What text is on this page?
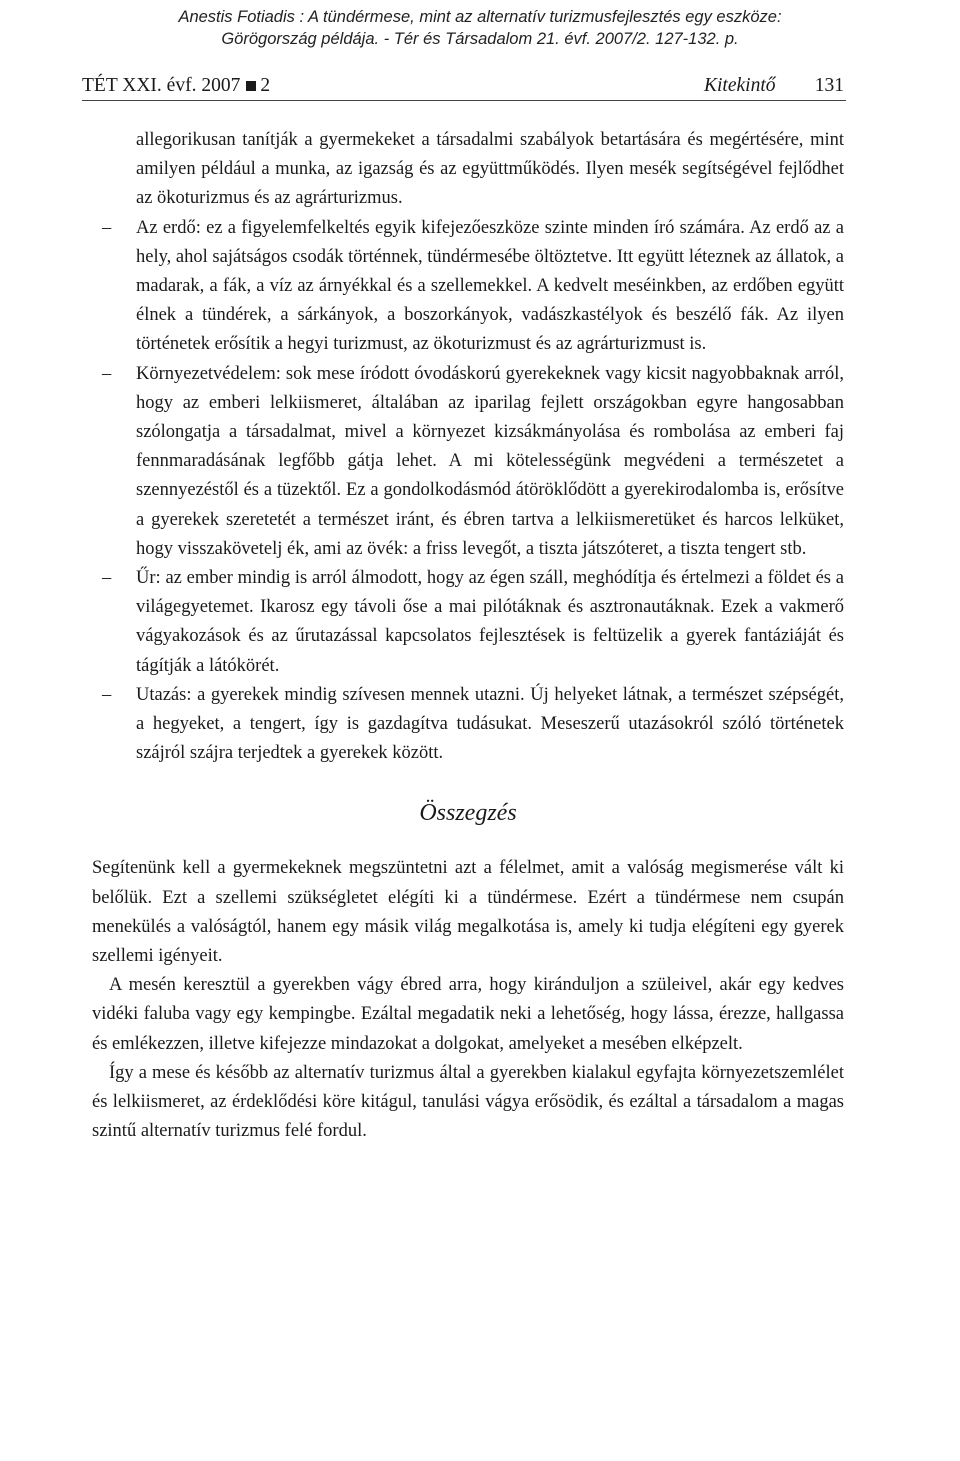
Anestis Fotiadis : A tündérmese, mint az alternatív turizmusfejlesztés egy eszköze:
Görögország példája. - Tér és Társadalom 21. évf. 2007/2. 127-132. p.
TÉT XXI. évf. 2007 2	Kitekintő 131

allegorikusan tanítják a gyermekeket a társadalmi szabályok betartására és megértésére, mint amilyen például a munka, az igazság és az együttműködés. Ilyen mesék segítségével fejlődhet az ökoturizmus és az agrárturizmus.

– Az erdő: ez a figyelemfelkeltés egyik kifejezőeszköze szinte minden író számára. Az erdő az a hely, ahol sajátságos csodák történnek, tündérmesébe öltöztetve. Itt együtt léteznek az állatok, a madarak, a fák, a víz az árnyékkal és a szellemekkel. A kedvelt meséinkben, az erdőben együtt élnek a tündérek, a sárkányok, a boszorkányok, vadászkastélyok és beszélő fák. Az ilyen történetek erősítik a hegyi turizmust, az ökoturizmust és az agrárturizmust is.

– Környezetvédelem: sok mese íródott óvodáskorú gyerekeknek vagy kicsit nagyobbaknak arról, hogy az emberi lelkiismeret, általában az iparilag fejlett országokban egyre hangosabban szólongatja a társadalmat, mivel a környezet kizsákmányolása és rombolása az emberi faj fennmaradásának legfőbb gátja lehet. A mi kötelességünk megvédeni a természetet a szennyezéstől és a tüzektől. Ez a gondolkodásmód átöröklődött a gyerekirodalomba is, erősítve a gyerekek szeretetét a természet iránt, és ébren tartva a lelkiismeretüket és harcos lelküket, hogy visszakövetelj ék, ami az övék: a friss levegőt, a tiszta játszóteret, a tiszta tengert stb.

– Űr: az ember mindig is arról álmodott, hogy az égen száll, meghódítja és értelmezi a földet és a világegyetemet. Ikarosz egy távoli őse a mai pilótáknak és asztronautáknak. Ezek a vakmerő vágyakozások és az űrutazással kapcsolatos fejlesztések is feltüzelik a gyerek fantáziáját és tágítják a látókörét.

– Utazás: a gyerekek mindig szívesen mennek utazni. Új helyeket látnak, a természet szépségét, a hegyeket, a tengert, így is gazdagítva tudásukat. Meseszerű utazásokról szóló történetek szájról szájra terjedtek a gyerekek között.

Összegzés

Segítenünk kell a gyermekeknek megszüntetni azt a félelmet, amit a valóság megismerése vált ki belőlük. Ezt a szellemi szükségletet elégíti ki a tündérmese. Ezért a tündérmese nem csupán menekülés a valóságtól, hanem egy másik világ megalkotása is, amely ki tudja elégíteni egy gyerek szellemi igényeit.

A mesén keresztül a gyerekben vágy ébred arra, hogy kiránduljon a szüleivel, akár egy kedves vidéki faluba vagy egy kempingbe. Ezáltal megadatik neki a lehetőség, hogy lássa, érezze, hallgassa és emlékezzen, illetve kifejezze mindazokat a dolgokat, amelyeket a mesében elképzelt.

Így a mese és később az alternatív turizmus által a gyerekben kialakul egyfajta környezetszemlélet és lelkiismeret, az érdeklődési köre kitágul, tanulási vágya erősödik, és ezáltal a társadalom a magas szintű alternatív turizmus felé fordul.
